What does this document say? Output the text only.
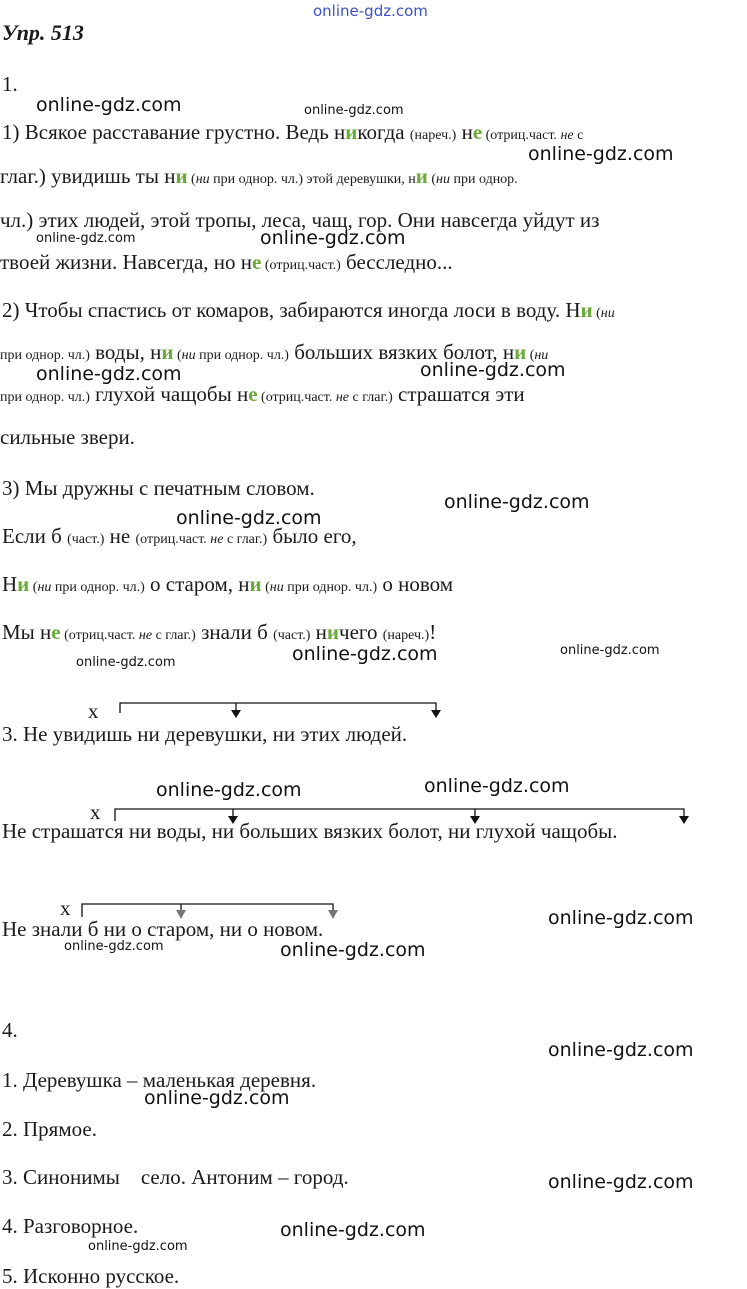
online-gdz.com
Упр. 513
1.
1) Всякое расставание грустно. Ведь никогда (нареч.) не (отриц.част. не с
глаг.) увидишь ты ни (ни при однор. чл.) этой деревушки, ни (ни при однор.
чл.) этих людей, этой тропы, леса, чащ, гор. Они навсегда уйдут из
твоей жизни. Навсегда, но не (отриц.част.) бесследно...
2) Чтобы спастись от комаров, забираются иногда лоси в воду. Ни (ни
при однор. чл.) воды, ни (ни при однор. чл.) больших вязких болот, ни (ни
при однор. чл.) глухой чащобы не (отриц.част. не с глаг.) страшатся эти
сильные звери.
3) Мы дружны с печатным словом.
Если б (част.) не (отриц.част. не с глаг.) было его,
Ни (ни при однор. чл.) о старом, ни (ни при однор. чл.) о новом
Мы не (отриц.част. не с глаг.) знали б (част.) ничего (нареч.)!
х
3. Не увидишь ни деревушки, ни этих людей.
х
Не страшатся ни воды, ни больших вязких болот, ни глухой чащобы.
х
Не знали б ни о старом, ни о новом.
4.
1. Деревушка – маленькая деревня.
2. Прямое.
3. Синонимы    село. Антоним – город.
4. Разговорное.
5. Исконно русское.
online-gdz.com	online-gdz.com
online-gdz.com
online-gdz.com	online-gdz.com
online-gdz.com	online-gdz.com
online-gdz.com
online-gdz.com
online-gdz.com	online-gdz.com
online-gdz.com
online-gdz.com	online-gdz.com
online-gdz.com
online-gdz.com	online-gdz.com
online-gdz.com
online-gdz.com
online-gdz.com
online-gdz.com
online-gdz.com
